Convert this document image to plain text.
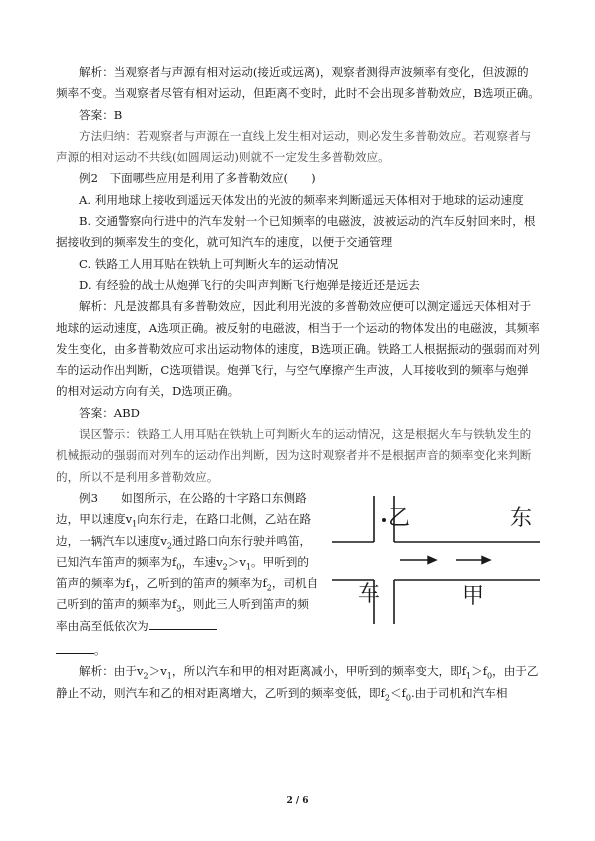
解析：当观察者与声源有相对运动(接近或远离)，观察者测得声波频率有变化，但波源的频率不变。当观察者尽管有相对运动，但距离不变时，此时不会出现多普勒效应，B选项正确。

答案：B

方法归纳：若观察者与声源在一直线上发生相对运动，则必发生多普勒效应。若观察者与声源的相对运动不共线(如圆周运动)则就不一定发生多普勒效应。

例2　下面哪些应用是利用了多普勒效应(　　)

A. 利用地球上接收到遥远天体发出的光波的频率来判断遥远天体相对于地球的运动速度

B. 交通警察向行进中的汽车发射一个已知频率的电磁波，波被运动的汽车反射回来时，根据接收到的频率发生的变化，就可知汽车的速度，以便于交通管理

C. 铁路工人用耳贴在铁轨上可判断火车的运动情况

D. 有经验的战士从炮弹飞行的尖叫声判断飞行炮弹是接近还是远去

解析：凡是波都具有多普勒效应，因此利用光波的多普勒效应便可以测定遥远天体相对于地球的运动速度，A选项正确。被反射的电磁波，相当于一个运动的物体发出的电磁波，其频率发生变化，由多普勒效应可求出运动物体的速度，B选项正确。铁路工人根据振动的强弱而对列车的运动作出判断，C选项错误。炮弹飞行，与空气摩擦产生声波，人耳接收到的频率与炮弹的相对运动方向有关，D选项正确。

答案：ABD

误区警示：铁路工人用耳贴在铁轨上可判断火车的运动情况，这是根据火车与铁轨发生的机械振动的强弱而对列车的运动作出判断，因为这时观察者并不是根据声音的频率变化来判断的，所以不是利用多普勒效应。

例3　　如图所示，在公路的十字路口东侧路边，甲以速度$v_1$向东行走，在路口北侧，乙站在路边，一辆汽车以速度$v_2$通过路口向东行驶并鸣笛，已知汽车笛声的频率为$f_0$，车速$v_2>v_1$。甲听到的笛声的频率为$f_1$，乙听到的笛声的频率为$f_2$，司机自己听到的笛声的频率为$f_3$，则此三人听到笛声的频率由高至低依次为

乙	东
车	甲

。

解析：由于$v_2>v_1$，所以汽车和甲的相对距离减小，甲听到的频率变大，即$f_1>f_0$，由于乙静止不动，则汽车和乙的相对距离增大，乙听到的频率变低，即$f_2<f_0$.由于司机和汽车相

2 / 6
